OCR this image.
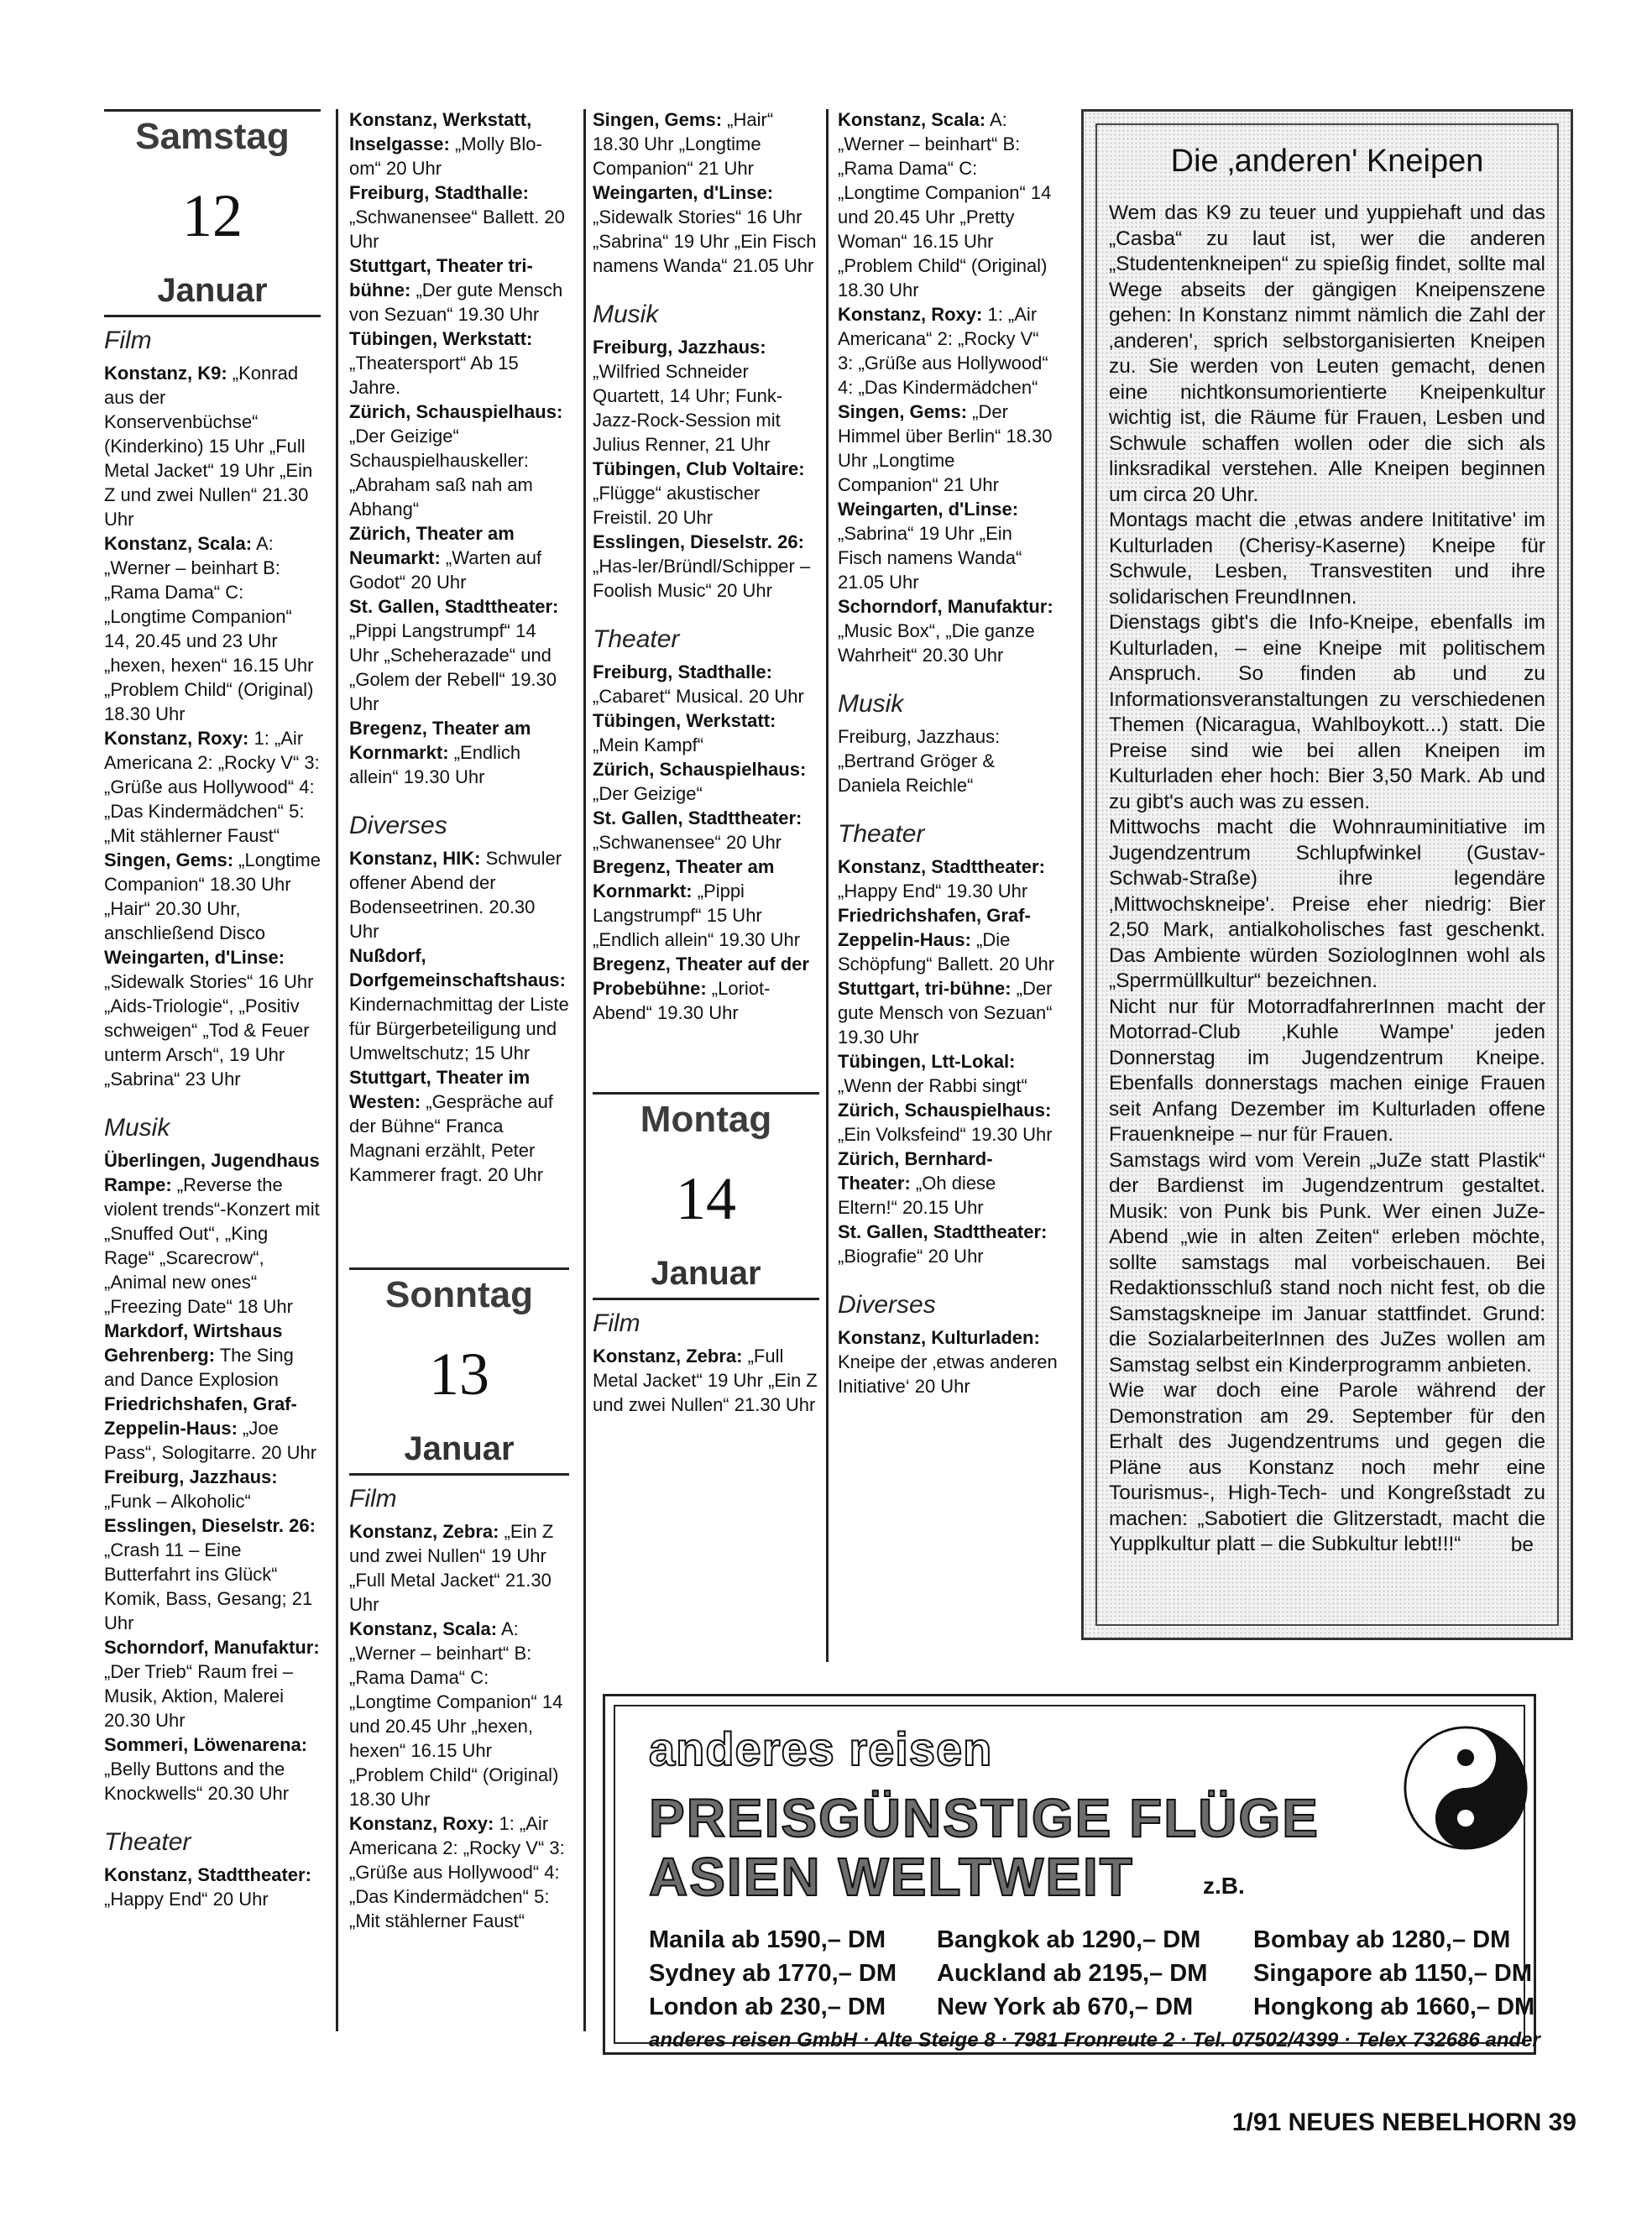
Samstag
12
Januar
Film

Konstanz, K9: „Konrad aus der Konservenbüchse“ (Kinderkino) 15 Uhr „Full Metal Jacket“ 19 Uhr „Ein Z und zwei Nullen“ 21.30 Uhr

Konstanz, Scala: A: „Werner – beinhart B: „Rama Dama“ C: „Longtime Companion“ 14, 20.45 und 23 Uhr „hexen, hexen“ 16.15 Uhr „Problem Child“ (Original) 18.30 Uhr

Konstanz, Roxy: 1: „Air Americana 2: „Rocky V“ 3: „Grüße aus Hollywood“ 4: „Das Kindermädchen“ 5: „Mit stählerner Faust“

Singen, Gems: „Longtime Companion“ 18.30 Uhr „Hair“ 20.30 Uhr, anschließend Disco

Weingarten, d'Linse: „Sidewalk Stories“ 16 Uhr „Aids-Triologie“, „Positiv schweigen“ „Tod & Feuer unterm Arsch“, 19 Uhr „Sabrina“ 23 Uhr

Musik

Überlingen, Jugendhaus Rampe: „Reverse the violent trends“-Konzert mit „Snuffed Out“, „King Rage“ „Scarecrow“, „Animal new ones“ „Freezing Date“ 18 Uhr

Markdorf, Wirtshaus Gehrenberg: The Sing and Dance Explosion

Friedrichshafen, Graf-Zeppelin-Haus: „Joe Pass“, Sologitarre. 20 Uhr

Freiburg, Jazzhaus: „Funk – Alkoholic“

Esslingen, Dieselstr. 26: „Crash 11 – Eine Butterfahrt ins Glück“ Komik, Bass, Gesang; 21 Uhr

Schorndorf, Manufaktur: „Der Trieb“ Raum frei – Musik, Aktion, Malerei 20.30 Uhr

Sommeri, Löwenarena: „Belly Buttons and the Knockwells“ 20.30 Uhr

Theater

Konstanz, Stadttheater: „Happy End“ 20 Uhr

Konstanz, Werkstatt, Inselgasse: „Molly Blo-om“ 20 Uhr

Freiburg, Stadthalle: „Schwanensee“ Ballett. 20 Uhr

Stuttgart, Theater tri-bühne: „Der gute Mensch von Sezuan“ 19.30 Uhr

Tübingen, Werkstatt: „Theatersport“ Ab 15 Jahre.

Zürich, Schauspielhaus: „Der Geizige“ Schauspielhauskeller: „Abraham saß nah am Abhang“

Zürich, Theater am Neumarkt: „Warten auf Godot“ 20 Uhr

St. Gallen, Stadttheater: „Pippi Langstrumpf“ 14 Uhr „Scheherazade“ und „Golem der Rebell“ 19.30 Uhr

Bregenz, Theater am Kornmarkt: „Endlich allein“ 19.30 Uhr

Diverses

Konstanz, HIK: Schwuler offener Abend der Bodenseetrinen. 20.30 Uhr

Nußdorf, Dorfgemeinschaftshaus: Kindernachmittag der Liste für Bürgerbeteiligung und Umweltschutz; 15 Uhr

Stuttgart, Theater im Westen: „Gespräche auf der Bühne“ Franca Magnani erzählt, Peter Kammerer fragt. 20 Uhr

Sonntag
13
Januar
Film

Konstanz, Zebra: „Ein Z und zwei Nullen“ 19 Uhr „Full Metal Jacket“ 21.30 Uhr

Konstanz, Scala: A: „Werner – beinhart“ B: „Rama Dama“ C: „Longtime Companion“ 14 und 20.45 Uhr „hexen, hexen“ 16.15 Uhr „Problem Child“ (Original) 18.30 Uhr

Konstanz, Roxy: 1: „Air Americana 2: „Rocky V“ 3: „Grüße aus Hollywood“ 4: „Das Kindermädchen“ 5: „Mit stählerner Faust“

Singen, Gems: „Hair“ 18.30 Uhr „Longtime Companion“ 21 Uhr

Weingarten, d'Linse: „Sidewalk Stories“ 16 Uhr „Sabrina“ 19 Uhr „Ein Fisch namens Wanda“ 21.05 Uhr

Musik

Freiburg, Jazzhaus: „Wilfried Schneider Quartett, 14 Uhr; Funk-Jazz-Rock-Session mit Julius Renner, 21 Uhr

Tübingen, Club Voltaire: „Flügge“ akustischer Freistil. 20 Uhr

Esslingen, Dieselstr. 26: „Has-ler/Bründl/Schipper – Foolish Music“ 20 Uhr

Theater

Freiburg, Stadthalle: „Cabaret“ Musical. 20 Uhr

Tübingen, Werkstatt: „Mein Kampf“

Zürich, Schauspielhaus: „Der Geizige“

St. Gallen, Stadttheater: „Schwanensee“ 20 Uhr

Bregenz, Theater am Kornmarkt: „Pippi Langstrumpf“ 15 Uhr „Endlich allein“ 19.30 Uhr

Bregenz, Theater auf der Probebühne: „Loriot-Abend“ 19.30 Uhr

Montag
14
Januar
Film

Konstanz, Zebra: „Full Metal Jacket“ 19 Uhr „Ein Z und zwei Nullen“ 21.30 Uhr

Konstanz, Scala: A: „Werner – beinhart“ B: „Rama Dama“ C: „Longtime Companion“ 14 und 20.45 Uhr „Pretty Woman“ 16.15 Uhr „Problem Child“ (Original) 18.30 Uhr

Konstanz, Roxy: 1: „Air Americana“ 2: „Rocky V“ 3: „Grüße aus Hollywood“ 4: „Das Kindermädchen“

Singen, Gems: „Der Himmel über Berlin“ 18.30 Uhr „Longtime Companion“ 21 Uhr

Weingarten, d'Linse: „Sabrina“ 19 Uhr „Ein Fisch namens Wanda“ 21.05 Uhr

Schorndorf, Manufaktur: „Music Box“, „Die ganze Wahrheit“ 20.30 Uhr

Musik

Freiburg, Jazzhaus: „Bertrand Gröger & Daniela Reichle“

Theater

Konstanz, Stadttheater: „Happy End“ 19.30 Uhr

Friedrichshafen, Graf-Zeppelin-Haus: „Die Schöpfung“ Ballett. 20 Uhr

Stuttgart, tri-bühne: „Der gute Mensch von Sezuan“ 19.30 Uhr

Tübingen, Ltt-Lokal: „Wenn der Rabbi singt“

Zürich, Schauspielhaus: „Ein Volksfeind“ 19.30 Uhr

Zürich, Bernhard-Theater: „Oh diese Eltern!“ 20.15 Uhr

St. Gallen, Stadttheater: „Biografie“ 20 Uhr

Diverses

Konstanz, Kulturladen: Kneipe der ‚etwas anderen Initiative‘ 20 Uhr

Die ‚anderen' Kneipen

Wem das K9 zu teuer und yuppiehaft und das „Casba“ zu laut ist, wer die anderen „Studentenkneipen“ zu spießig findet, sollte mal Wege abseits der gängigen Kneipenszene gehen: In Konstanz nimmt nämlich die Zahl der ‚anderen', sprich selbstorganisierten Kneipen zu. Sie werden von Leuten gemacht, denen eine nichtkonsumorientierte Kneipenkultur wichtig ist, die Räume für Frauen, Lesben und Schwule schaffen wollen oder die sich als linksradikal verstehen. Alle Kneipen beginnen um circa 20 Uhr.

Montags macht die ‚etwas andere Inititative' im Kulturladen (Cherisy-Kaserne) Kneipe für Schwule, Lesben, Transvestiten und ihre solidarischen FreundInnen.

Dienstags gibt's die Info-Kneipe, ebenfalls im Kulturladen, – eine Kneipe mit politischem Anspruch. So finden ab und zu Informationsveranstaltungen zu verschiedenen Themen (Nicaragua, Wahlboykott...) statt. Die Preise sind wie bei allen Kneipen im Kulturladen eher hoch: Bier 3,50 Mark. Ab und zu gibt's auch was zu essen.

Mittwochs macht die Wohnrauminitiative im Jugendzentrum Schlupfwinkel (Gustav-Schwab-Straße) ihre legendäre ‚Mittwochskneipe'. Preise eher niedrig: Bier 2,50 Mark, antialkoholisches fast geschenkt. Das Ambiente würden SoziologInnen wohl als „Sperrmüllkultur“ bezeichnen.

Nicht nur für MotorradfahrerInnen macht der Motorrad-Club ‚Kuhle Wampe' jeden Donnerstag im Jugendzentrum Kneipe. Ebenfalls donnerstags machen einige Frauen seit Anfang Dezember im Kulturladen offene Frauenkneipe – nur für Frauen.

Samstags wird vom Verein „JuZe statt Plastik“ der Bardienst im Jugendzentrum gestaltet. Musik: von Punk bis Punk. Wer einen JuZe-Abend „wie in alten Zeiten“ erleben möchte, sollte samstags mal vorbeischauen. Bei Redaktionsschluß stand noch nicht fest, ob die Samstagskneipe im Januar stattfindet. Grund: die SozialarbeiterInnen des JuZes wollen am Samstag selbst ein Kinderprogramm anbieten.

Wie war doch eine Parole während der Demonstration am 29. September für den Erhalt des Jugendzentrums und gegen die Pläne aus Konstanz noch mehr eine Tourismus-, High-Tech- und Kongreßstadt zu machen: „Sabotiert die Glitzerstadt, macht die Yupplkultur platt – die Subkultur lebt!!!“	be

anderes reisen
PREISGÜNSTIGE FLÜGE
ASIEN WELTWEIT	z.B.
Manila ab 1590,– DM
Sydney ab 1770,– DM
London ab 230,– DM
Bangkok ab 1290,– DM
Auckland ab 2195,– DM
New York ab 670,– DM
Bombay ab 1280,– DM
Singapore ab 1150,– DM
Hongkong ab 1660,– DM
anderes reisen GmbH · Alte Steige 8 · 7981 Fronreute 2 · Tel. 07502/4399 · Telex 732686 ander
1/91 NEUES NEBELHORN 39
